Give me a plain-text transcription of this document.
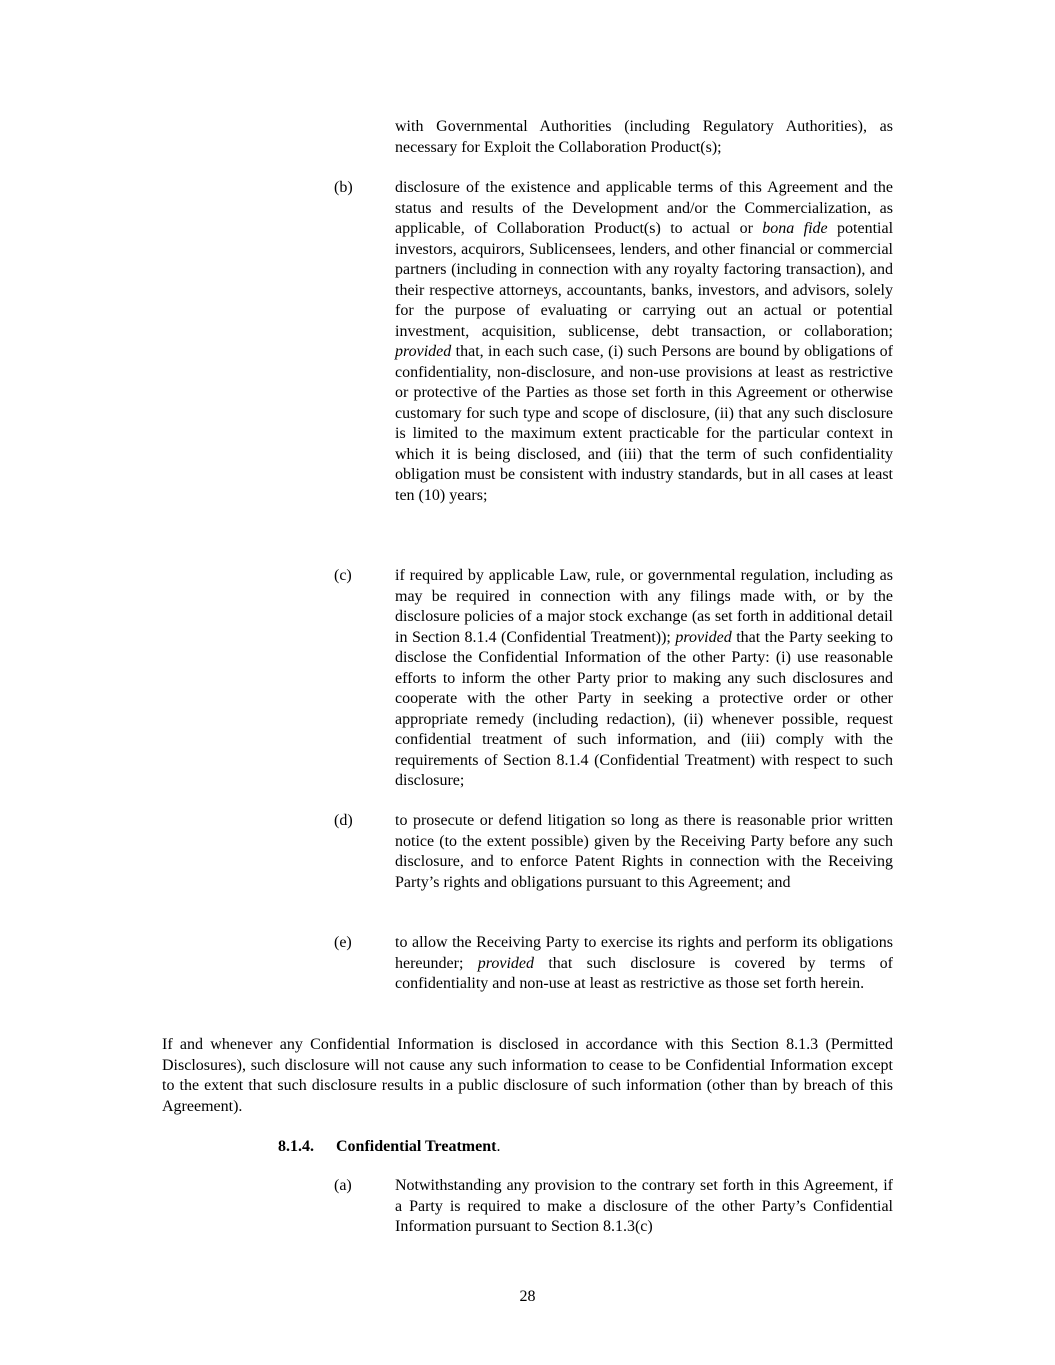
with Governmental Authorities (including Regulatory Authorities), as necessary for Exploit the Collaboration Product(s);

(b)	disclosure of the existence and applicable terms of this Agreement and the status and results of the Development and/or the Commercialization, as applicable, of Collaboration Product(s) to actual or bona fide potential investors, acquirors, Sublicensees, lenders, and other financial or commercial partners (including in connection with any royalty factoring transaction), and their respective attorneys, accountants, banks, investors, and advisors, solely for the purpose of evaluating or carrying out an actual or potential investment, acquisition, sublicense, debt transaction, or collaboration; provided that, in each such case, (i) such Persons are bound by obligations of confidentiality, non-disclosure, and non-use provisions at least as restrictive or protective of the Parties as those set forth in this Agreement or otherwise customary for such type and scope of disclosure, (ii) that any such disclosure is limited to the maximum extent practicable for the particular context in which it is being disclosed, and (iii) that the term of such confidentiality obligation must be consistent with industry standards, but in all cases at least ten (10) years;
(c)	if required by applicable Law, rule, or governmental regulation, including as may be required in connection with any filings made with, or by the disclosure policies of a major stock exchange (as set forth in additional detail in Section 8.1.4 (Confidential Treatment)); provided that the Party seeking to disclose the Confidential Information of the other Party: (i) use reasonable efforts to inform the other Party prior to making any such disclosures and cooperate with the other Party in seeking a protective order or other appropriate remedy (including redaction), (ii) whenever possible, request confidential treatment of such information, and (iii) comply with the requirements of Section 8.1.4 (Confidential Treatment) with respect to such disclosure;
(d)	to prosecute or defend litigation so long as there is reasonable prior written notice (to the extent possible) given by the Receiving Party before any such disclosure, and to enforce Patent Rights in connection with the Receiving Party’s rights and obligations pursuant to this Agreement; and
(e)	to allow the Receiving Party to exercise its rights and perform its obligations hereunder; provided that such disclosure is covered by terms of confidentiality and non-use at least as restrictive as those set forth herein.

If and whenever any Confidential Information is disclosed in accordance with this Section 8.1.3 (Permitted Disclosures), such disclosure will not cause any such information to cease to be Confidential Information except to the extent that such disclosure results in a public disclosure of such information (other than by breach of this Agreement).

8.1.4. Confidential Treatment.
(a)	Notwithstanding any provision to the contrary set forth in this Agreement, if a Party is required to make a disclosure of the other Party’s Confidential Information pursuant to Section 8.1.3(c)
28
